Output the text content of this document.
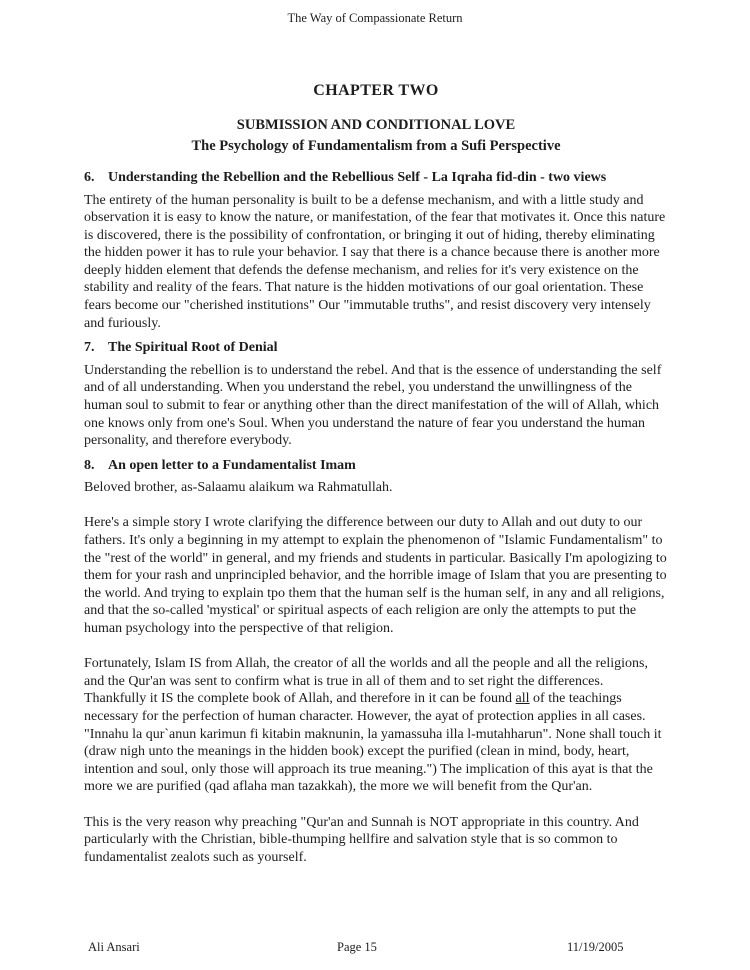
The Way of Compassionate Return
CHAPTER TWO
SUBMISSION AND CONDITIONAL LOVE
The Psychology of Fundamentalism from a Sufi Perspective
6. Understanding the Rebellion and the Rebellious Self - La Iqraha fid-din - two views

The entirety of the human personality is built to be a defense mechanism, and with a little study and observation it is easy to know the nature, or manifestation, of the fear that motivates it. Once this nature is discovered, there is the possibility of confrontation, or bringing it out of hiding, thereby eliminating the hidden power it has to rule your behavior. I say that there is a chance because there is another more deeply hidden element that defends the defense mechanism, and relies for it's very existence on the stability and reality of the fears. That nature is the hidden motivations of our goal orientation. These fears become our "cherished institutions" Our "immutable truths", and resist discovery very intensely and furiously.

7. The Spiritual Root of Denial

Understanding the rebellion is to understand the rebel. And that is the essence of understanding the self and of all understanding. When you understand the rebel, you understand the unwillingness of the human soul to submit to fear or anything other than the direct manifestation of the will of Allah, which one knows only from one's Soul. When you understand the nature of fear you understand the human personality, and therefore everybody.

8. An open letter to a Fundamentalist Imam

Beloved brother, as-Salaamu alaikum wa Rahmatullah.

Here's a simple story I wrote clarifying the difference between our duty to Allah and out duty to our fathers. It's only a beginning in my attempt to explain the phenomenon of "Islamic Fundamentalism" to the "rest of the world" in general, and my friends and students in particular. Basically I'm apologizing to them for your rash and unprincipled behavior, and the horrible image of Islam that you are presenting to the world. And trying to explain tpo them that the human self is the human self, in any and all religions, and that the so-called 'mystical' or spiritual aspects of each religion are only the attempts to put the human psychology into the perspective of that religion.

Fortunately, Islam IS from Allah, the creator of all the worlds and all the people and all the religions, and the Qur'an was sent to confirm what is true in all of them and to set right the differences. Thankfully it IS the complete book of Allah, and therefore in it can be found all of the teachings necessary for the perfection of human character. However, the ayat of protection applies in all cases. "Innahu la qur`anun karimun fi kitabin maknunin, la yamassuha illa l-mutahharun". None shall touch it (draw nigh unto the meanings in the hidden book) except the purified (clean in mind, body, heart, intention and soul, only those will approach its true meaning.") The implication of this ayat is that the more we are purified (qad aflaha man tazakkah), the more we will benefit from the Qur'an.

This is the very reason why preaching "Qur'an and Sunnah is NOT appropriate in this country. And particularly with the Christian, bible-thumping hellfire and salvation style that is so common to fundamentalist zealots such as yourself.

Ali Ansari	Page 15	11/19/2005
